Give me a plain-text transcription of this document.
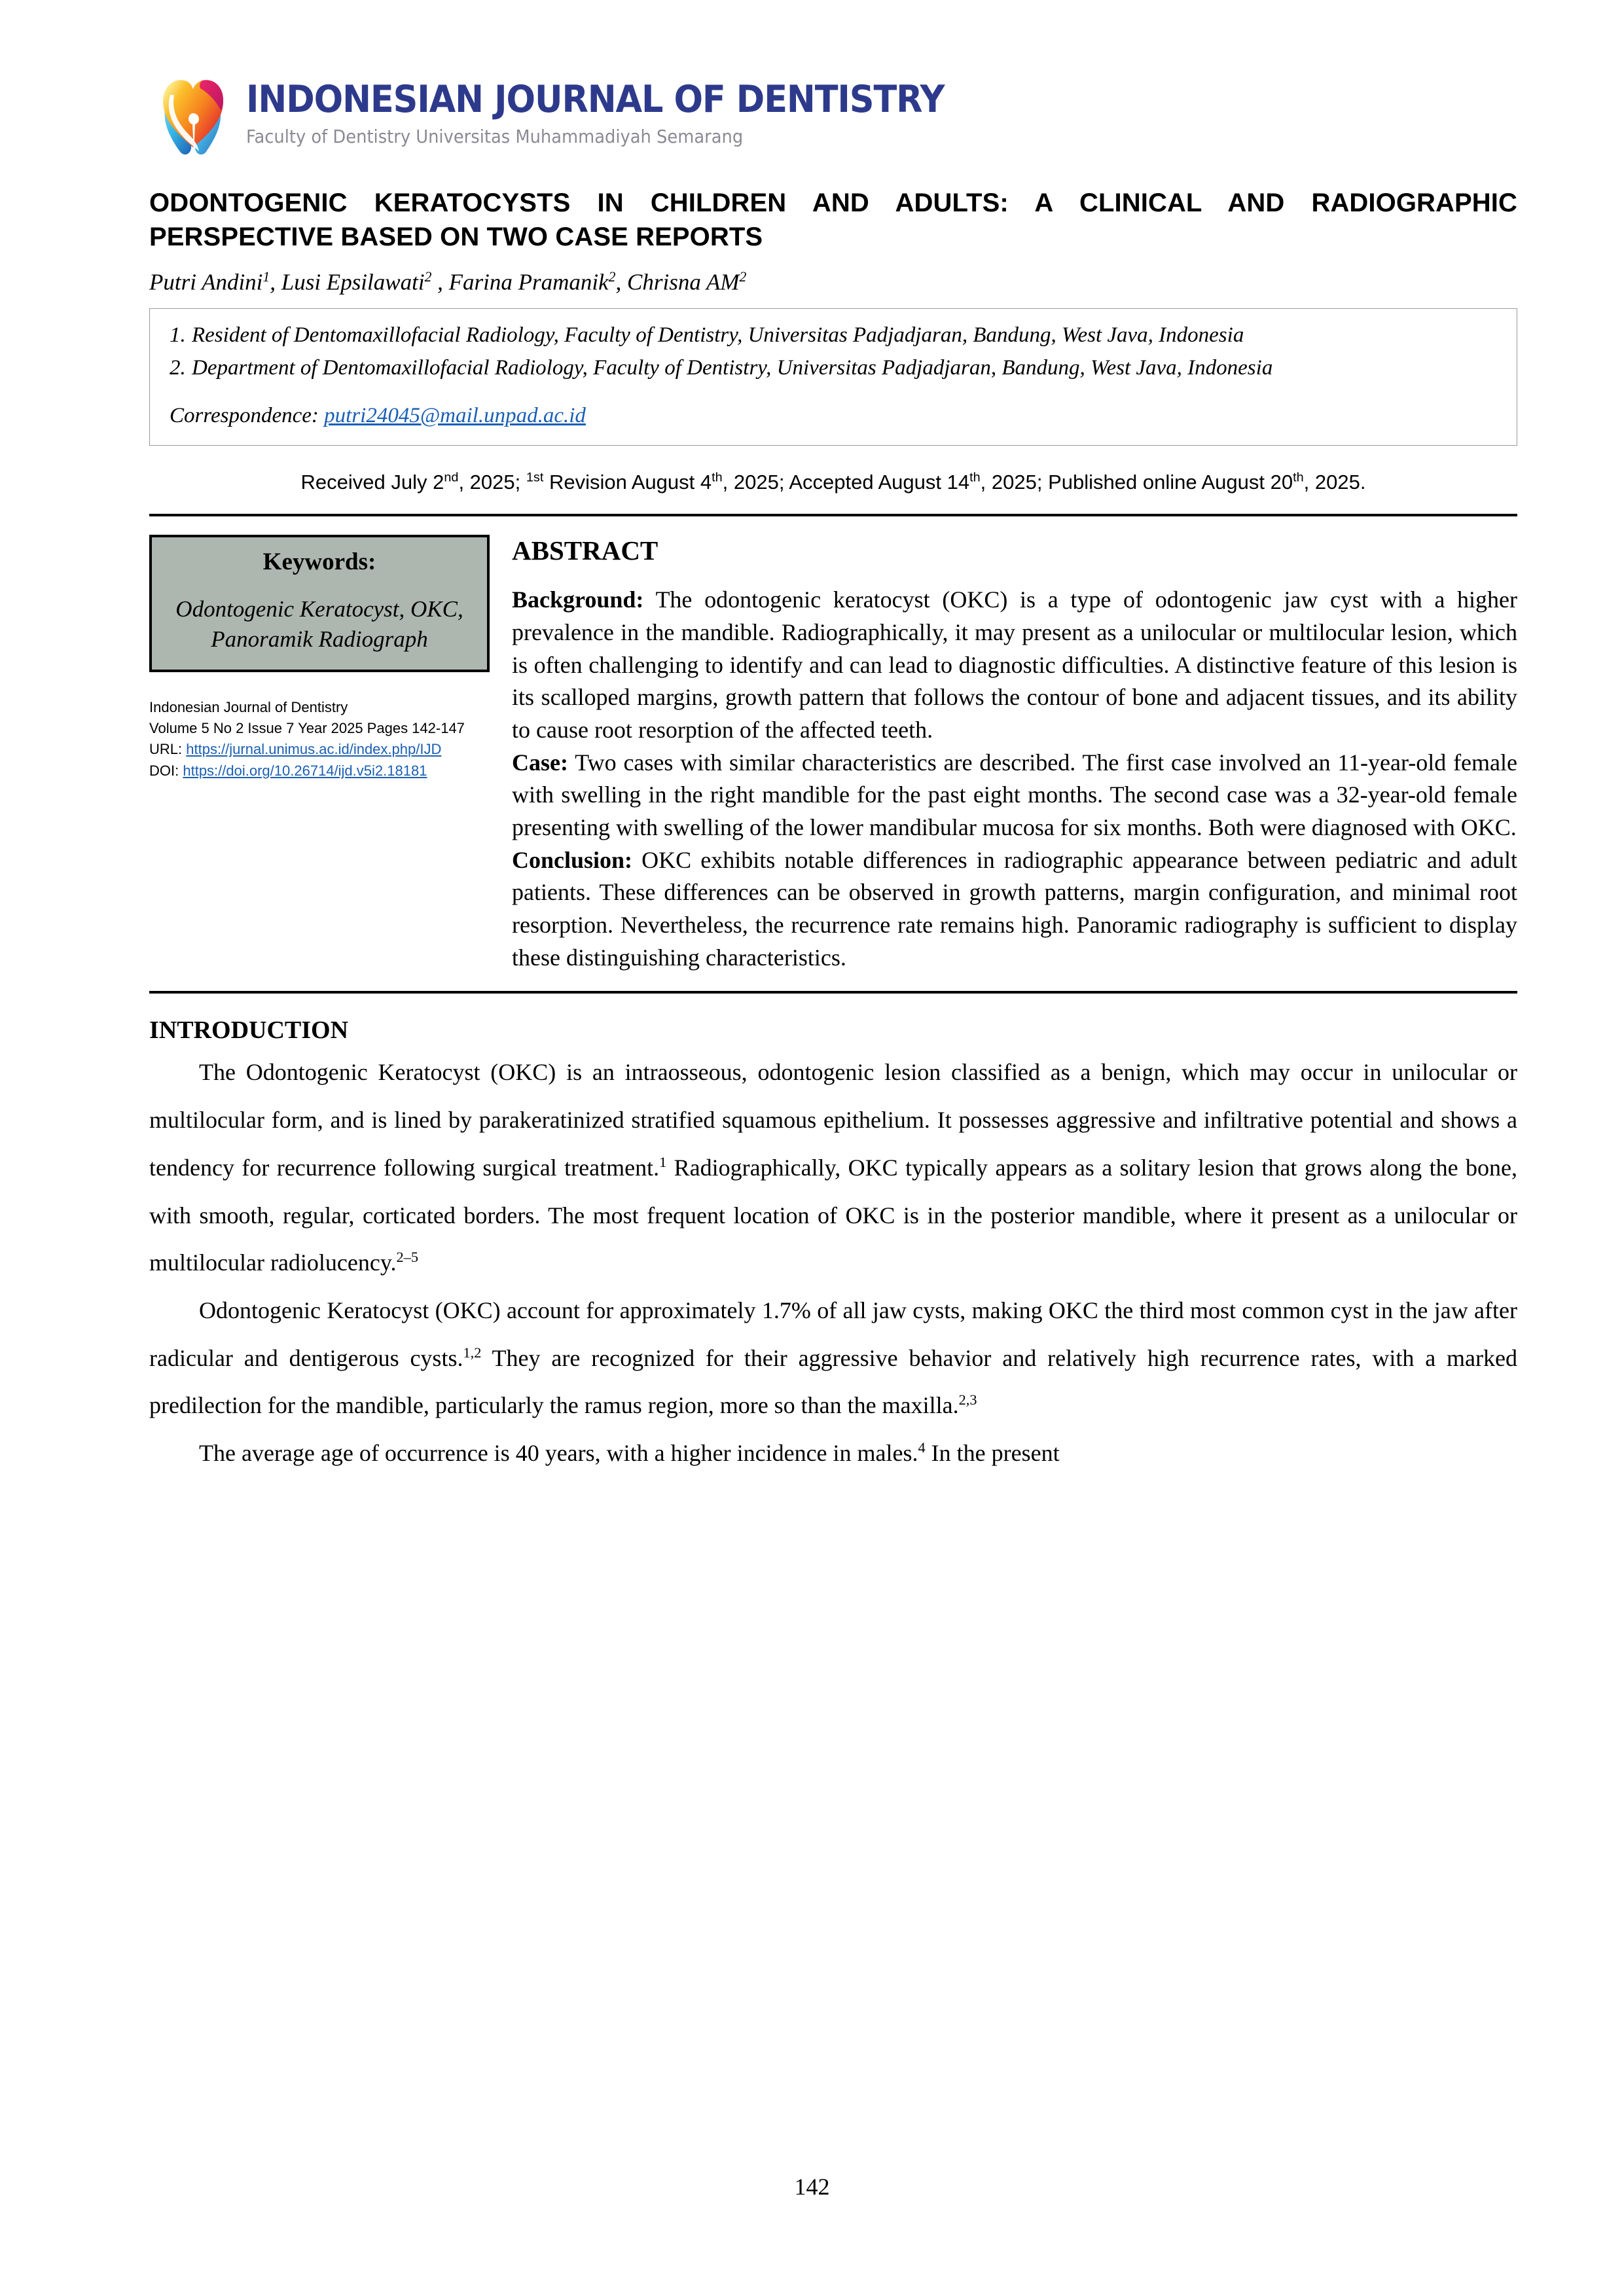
INDONESIAN JOURNAL OF DENTISTRY
Faculty of Dentistry Universitas Muhammadiyah Semarang
ODONTOGENIC KERATOCYSTS IN CHILDREN AND ADULTS: A CLINICAL AND RADIOGRAPHIC PERSPECTIVE BASED ON TWO CASE REPORTS
Putri Andini$^1$, Lusi Epsilawati$^2$ , Farina Pramanik$^2$, Chrisna $AM^2$
1. Resident of Dentomaxillofacial Radiology, Faculty of Dentistry, Universitas Padjadjaran, Bandung, West Java, Indonesia
2. Department of Dentomaxillofacial Radiology, Faculty of Dentistry, Universitas Padjadjaran, Bandung, West Java, Indonesia
Correspondence: putri24045@mail.unpad.ac.id
Received July 2nd, 2025; $^{1st}$ Revision August 4th, 2025; Accepted August 14th, 2025; Published online August 20th, 2025.
Keywords:
Odontogenic Keratocyst, OKC, Panoramik Radiograph
Indonesian Journal of Dentistry
Volume 5 No 2 Issue 7 Year 2025 Pages 142-147
URL: https://jurnal.unimus.ac.id/index.php/IJD
DOI: https://doi.org/10.26714/ijd.v5i2.18181
ABSTRACT

Background: The odontogenic keratocyst (OKC) is a type of odontogenic jaw cyst with a higher prevalence in the mandible. Radiographically, it may present as a unilocular or multilocular lesion, which is often challenging to identify and can lead to diagnostic difficulties. A distinctive feature of this lesion is its scalloped margins, growth pattern that follows the contour of bone and adjacent tissues, and its ability to cause root resorption of the affected teeth.

Case: Two cases with similar characteristics are described. The first case involved an 11-year-old female with swelling in the right mandible for the past eight months. The second case was a 32-year-old female presenting with swelling of the lower mandibular mucosa for six months. Both were diagnosed with OKC.

Conclusion: OKC exhibits notable differences in radiographic appearance between pediatric and adult patients. These differences can be observed in growth patterns, margin configuration, and minimal root resorption. Nevertheless, the recurrence rate remains high. Panoramic radiography is sufficient to display these distinguishing characteristics.

INTRODUCTION

The Odontogenic Keratocyst (OKC) is an intraosseous, odontogenic lesion classified as a benign, which may occur in unilocular or multilocular form, and is lined by parakeratinized stratified squamous epithelium. It possesses aggressive and infiltrative potential and shows a tendency for recurrence following surgical treatment.$^1$ Radiographically, OKC typically appears as a solitary lesion that grows along the bone, with smooth, regular, corticated borders. The most frequent location of OKC is in the posterior mandible, where it present as a unilocular or multilocular radiolucency.$^{2-5}$

Odontogenic Keratocyst (OKC) account for approximately 1.7% of all jaw cysts, making OKC the third most common cyst in the jaw after radicular and dentigerous cysts.$^{1,2}$ They are recognized for their aggressive behavior and relatively high recurrence rates, with a marked predilection for the mandible, particularly the ramus region, more so than the maxilla.$^{2,3}$

The average age of occurrence is 40 years, with a higher incidence in males.$^4$ In the present

142
